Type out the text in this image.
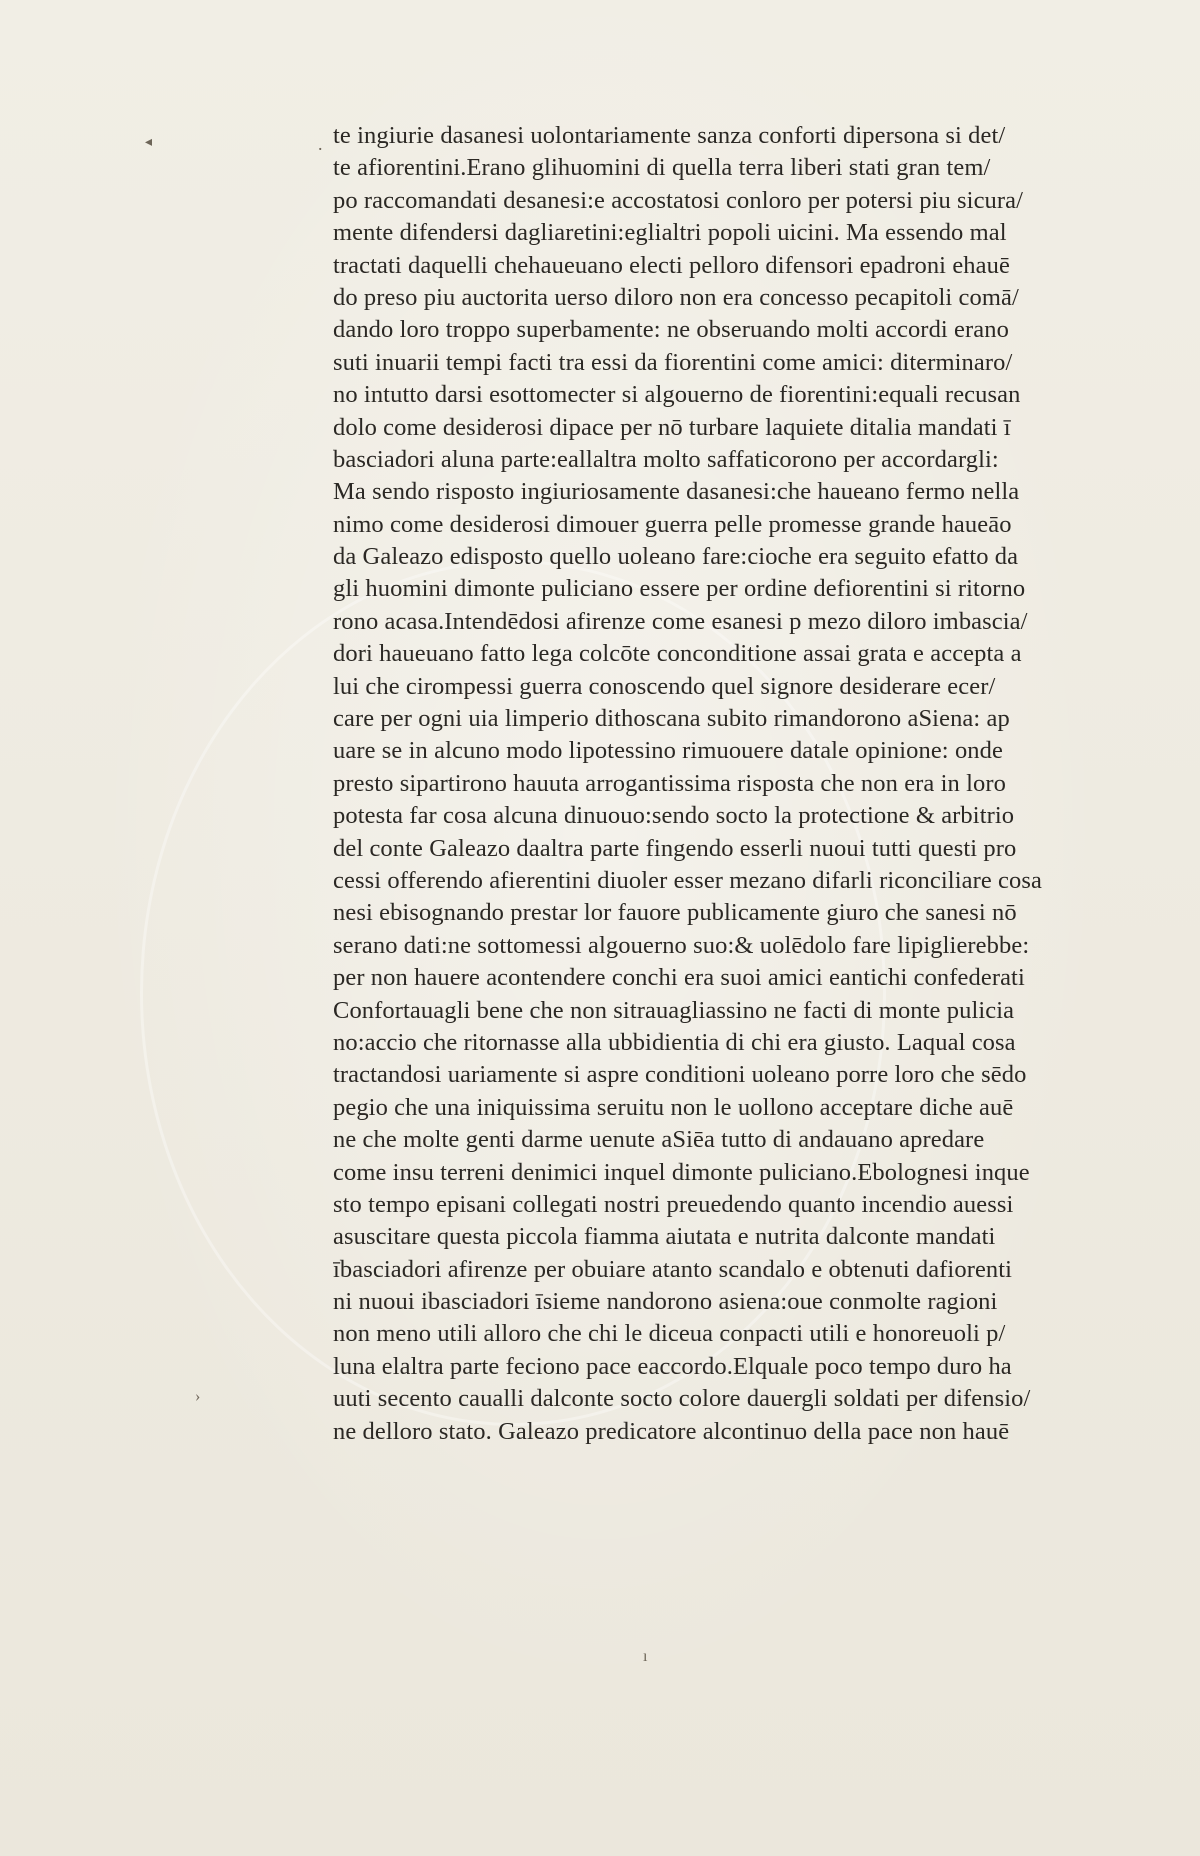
.
◂
›
ı
te ingiurie dasanesi uolontariamente sanza conforti dipersona si det/
te afiorentini.Erano glihuomini di quella terra liberi stati gran tem/
po raccomandati desanesi:e accostatosi conloro per potersi piu sicura/
mente difendersi dagliaretini:eglialtri popoli uicini. Ma essendo mal
tractati daquelli chehaueuano electi pelloro difensori epadroni ehauē
do preso piu auctorita uerso diloro non era concesso pecapitoli comā/
dando loro troppo superbamente: ne obseruando molti accordi erano
suti inuarii tempi facti tra essi da fiorentini come amici: diterminaro/
no intutto darsi esottomecter si algouerno de fiorentini:equali recusan
dolo come desiderosi dipace per nō turbare laquiete ditalia mandati ī
basciadori aluna parte:eallaltra molto saffaticorono per accordargli:
Ma sendo risposto ingiuriosamente dasanesi:che haueano fermo nella
nimo come desiderosi dimouer guerra pelle promesse grande haueāo
da Galeazo edisposto quello uoleano fare:cioche era seguito efatto da
gli huomini dimonte puliciano essere per ordine defiorentini si ritorno
rono acasa.Intendēdosi afirenze come esanesi p mezo diloro imbascia/
dori haueuano fatto lega colcōte conconditione assai grata e accepta a
lui che cirompessi guerra conoscendo quel signore desiderare ecer/
care per ogni uia limperio dithoscana subito rimandorono aSiena: ap
uare se in alcuno modo lipotessino rimuouere datale opinione: onde
presto sipartirono hauuta arrogantissima risposta che non era in loro
potesta far cosa alcuna dinuouo:sendo socto la protectione & arbitrio
del conte Galeazo daaltra parte fingendo esserli nuoui tutti questi pro
cessi offerendo afierentini diuoler esser mezano difarli riconciliare cosa
nesi ebisognando prestar lor fauore publicamente giuro che sanesi nō
serano dati:ne sottomessi algouerno suo:& uolēdolo fare lipiglierebbe:
per non hauere acontendere conchi era suoi amici eantichi confederati
Confortauagli bene che non sitrauagliassino ne facti di monte pulicia
no:accio che ritornasse alla ubbidientia di chi era giusto. Laqual cosa
tractandosi uariamente si aspre conditioni uoleano porre loro che sēdo
pegio che una iniquissima seruitu non le uollono acceptare diche auē
ne che molte genti darme uenute aSiēa tutto di andauano apredare
come insu terreni denimici inquel dimonte puliciano.Ebolognesi inque
sto tempo episani collegati nostri preuedendo quanto incendio auessi
asuscitare questa piccola fiamma aiutata e nutrita dalconte mandati
ībasciadori afirenze per obuiare atanto scandalo e obtenuti dafiorenti
ni nuoui ibasciadori īsieme nandorono asiena:oue conmolte ragioni
non meno utili alloro che chi le diceua conpacti utili e honoreuoli p/
luna elaltra parte feciono pace eaccordo.Elquale poco tempo duro ha
uuti secento caualli dalconte socto colore dauergli soldati per difensio/
ne delloro stato. Galeazo predicatore alcontinuo della pace non hauē
